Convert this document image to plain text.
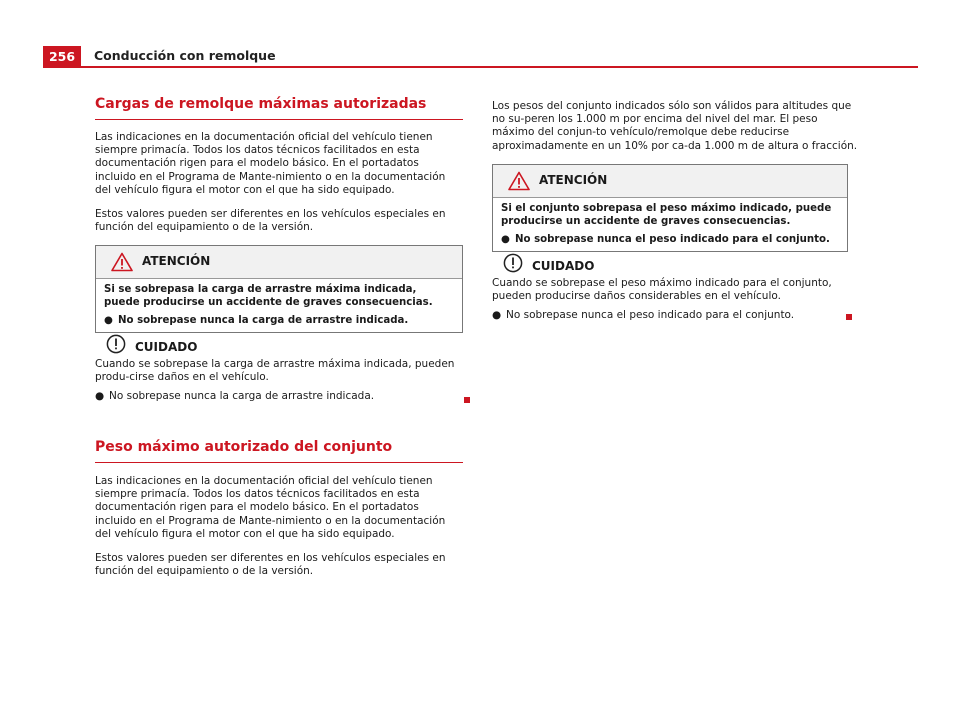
256	Conducción con remolque
Cargas de remolque máximas autorizadas

Las indicaciones en la documentación oficial del vehículo tienen siempre primacía. Todos los datos técnicos facilitados en esta documentación rigen para el modelo básico. En el portadatos incluido en el Programa de Mante-nimiento o en la documentación del vehículo figura el motor con el que ha sido equipado.

Estos valores pueden ser diferentes en los vehículos especiales en función del equipamiento o de la versión.

ATENCIÓN

Si se sobrepasa la carga de arrastre máxima indicada, puede producirse un accidente de graves consecuencias.

● No sobrepase nunca la carga de arrastre indicada.

CUIDADO

Cuando se sobrepase la carga de arrastre máxima indicada, pueden produ-cirse daños en el vehículo.

● No sobrepase nunca la carga de arrastre indicada.
Peso máximo autorizado del conjunto

Las indicaciones en la documentación oficial del vehículo tienen siempre primacía. Todos los datos técnicos facilitados en esta documentación rigen para el modelo básico. En el portadatos incluido en el Programa de Mante-nimiento o en la documentación del vehículo figura el motor con el que ha sido equipado.

Estos valores pueden ser diferentes en los vehículos especiales en función del equipamiento o de la versión.

Los pesos del conjunto indicados sólo son válidos para altitudes que no su-peren los 1.000 m por encima del nivel del mar. El peso máximo del conjun-to vehículo/remolque debe reducirse aproximadamente en un 10% por ca-da 1.000 m de altura o fracción.

ATENCIÓN

Si el conjunto sobrepasa el peso máximo indicado, puede producirse un accidente de graves consecuencias.

● No sobrepase nunca el peso indicado para el conjunto.

CUIDADO

Cuando se sobrepase el peso máximo indicado para el conjunto, pueden producirse daños considerables en el vehículo.

● No sobrepase nunca el peso indicado para el conjunto.
